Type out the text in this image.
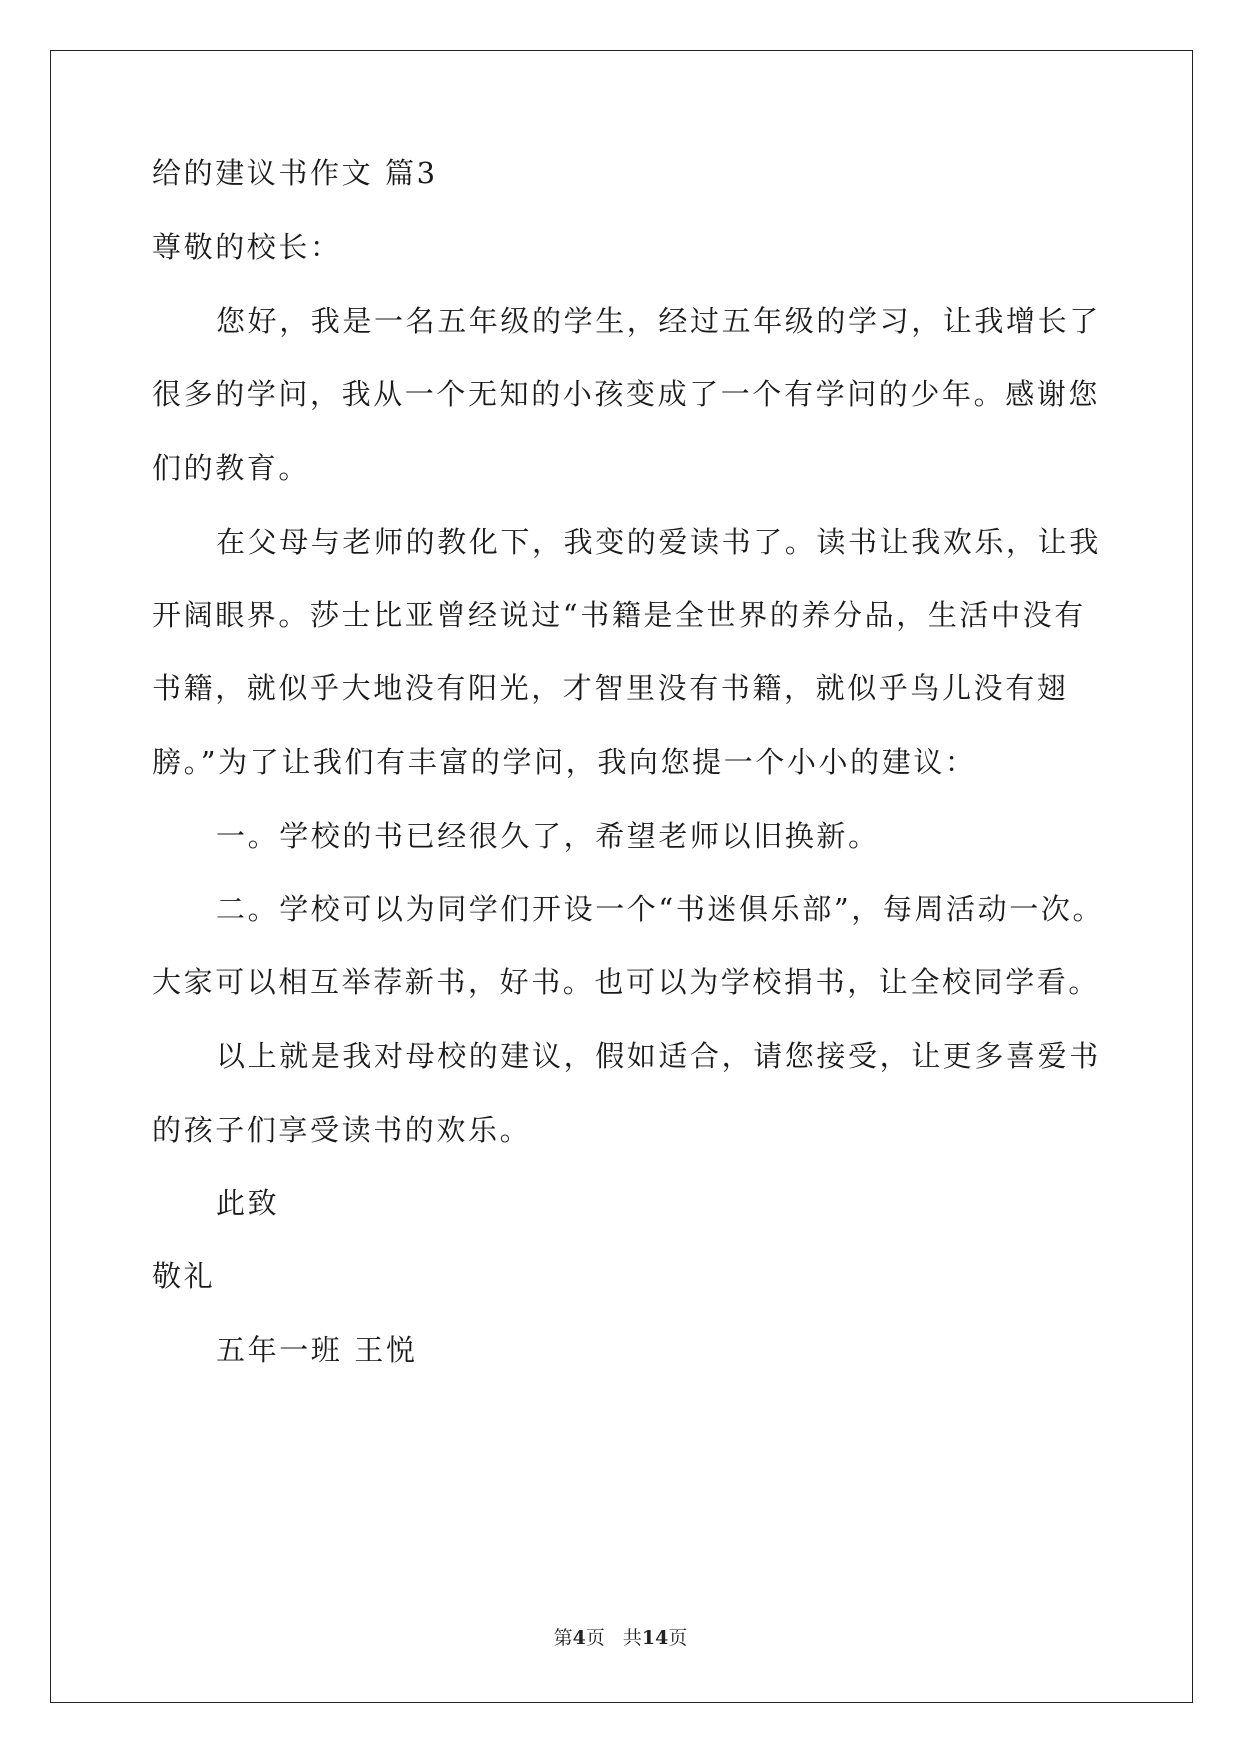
给的建议书作文 篇3
尊敬的校长：
您好，我是一名五年级的学生，经过五年级的学习，让我增长了
很多的学问，我从一个无知的小孩变成了一个有学问的少年。感谢您
们的教育。
在父母与老师的教化下，我变的爱读书了。读书让我欢乐，让我
开阔眼界。莎士比亚曾经说过“书籍是全世界的养分品，生活中没有
书籍，就似乎大地没有阳光，才智里没有书籍，就似乎鸟儿没有翅
膀。”为了让我们有丰富的学问，我向您提一个小小的建议：
一。学校的书已经很久了，希望老师以旧换新。
二。学校可以为同学们开设一个“书迷俱乐部”，每周活动一次。
大家可以相互举荐新书，好书。也可以为学校捐书，让全校同学看。
以上就是我对母校的建议，假如适合，请您接受，让更多喜爱书
的孩子们享受读书的欢乐。
此致
敬礼
五年一班 王悦
第4页 共14页
